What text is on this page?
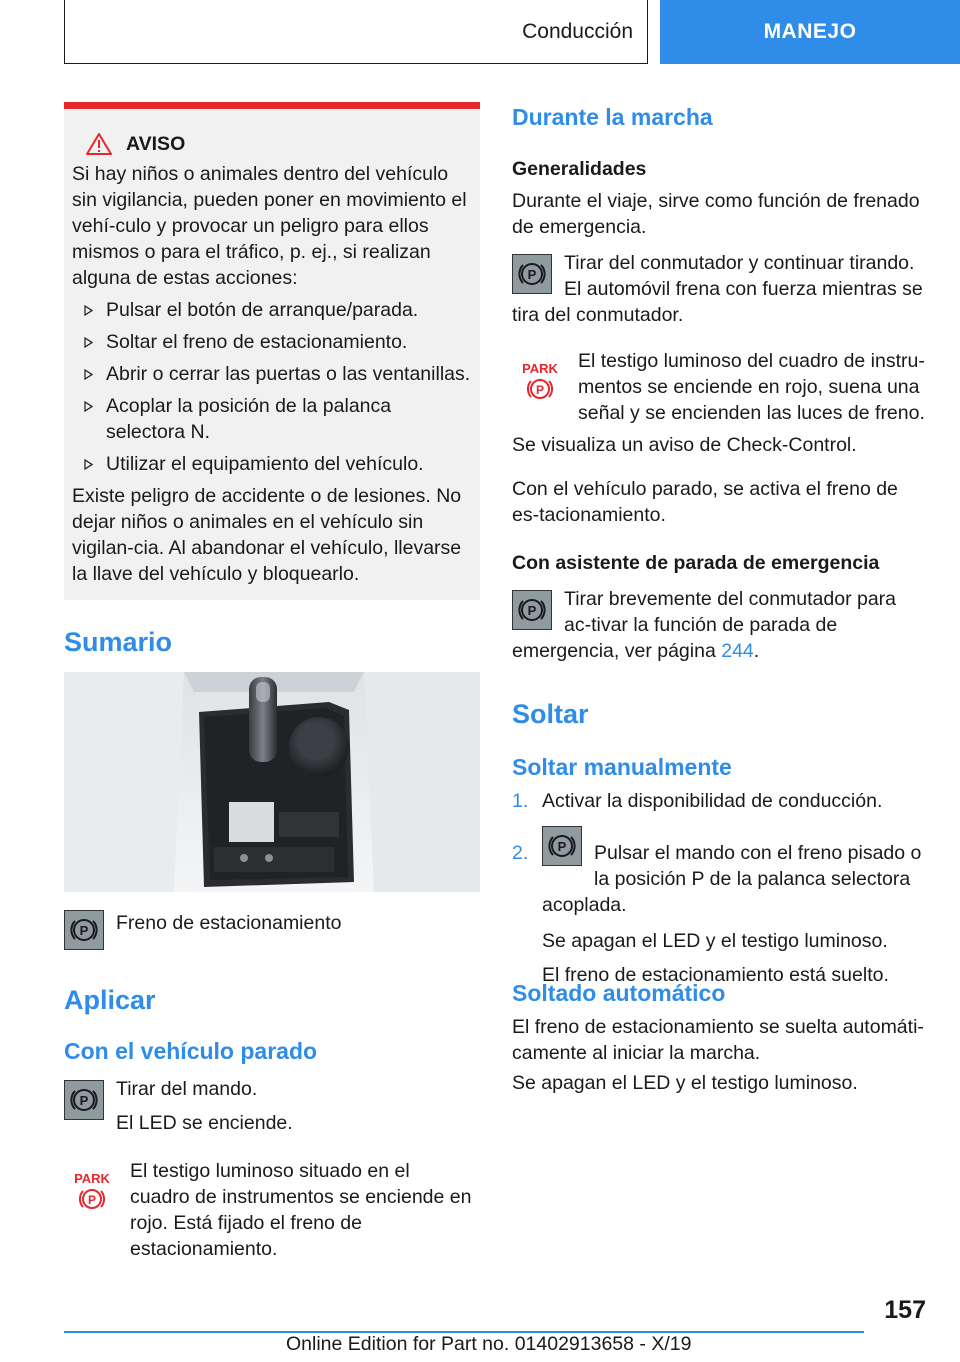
Conducción	MANEJO
AVISO

Si hay niños o animales dentro del vehículo sin vigilancia, pueden poner en movimiento el vehí-culo y provocar un peligro para ellos mismos o para el tráfico, p. ej., si realizan alguna de estas acciones:

Pulsar el botón de arranque/parada.
Soltar el freno de estacionamiento.
Abrir o cerrar las puertas o las ventanillas.
Acoplar la posición de la palanca selectora N.
Utilizar el equipamiento del vehículo.

Existe peligro de accidente o de lesiones. No dejar niños o animales en el vehículo sin vigilan-cia. Al abandonar el vehículo, llevarse la llave del vehículo y bloquearlo.

Sumario
P Freno de estacionamiento
Aplicar
Con el vehículo parado
P

Tirar del mando.

El LED se enciende.

PARK
P

El testigo luminoso situado en el cuadro de instrumentos se enciende en rojo. Está fijado el freno de estacionamiento.

Durante la marcha
Generalidades

Durante el viaje, sirve como función de frenado de emergencia.

P

Tirar del conmutador y continuar tirando. El automóvil frena con fuerza mientras se tira del conmutador.

PARK
P

El testigo luminoso del cuadro de instru-mentos se enciende en rojo, suena una señal y se encienden las luces de freno.

Se visualiza un aviso de Check-Control.

Con el vehículo parado, se activa el freno de es-tacionamiento.

Con asistente de parada de emergencia
P

Tirar brevemente del conmutador para ac-tivar la función de parada de emergencia, ver página 244.

Soltar
Soltar manualmente
1. Activar la disponibilidad de conducción.
2. P	Pulsar el mando con el freno pisado o la posición P de la palanca selectora acoplada.

Se apagan el LED y el testigo luminoso.

El freno de estacionamiento está suelto.

Soltado automático

El freno de estacionamiento se suelta automáti-camente al iniciar la marcha.

Se apagan el LED y el testigo luminoso.

157
Online Edition for Part no. 01402913658 - X/19
